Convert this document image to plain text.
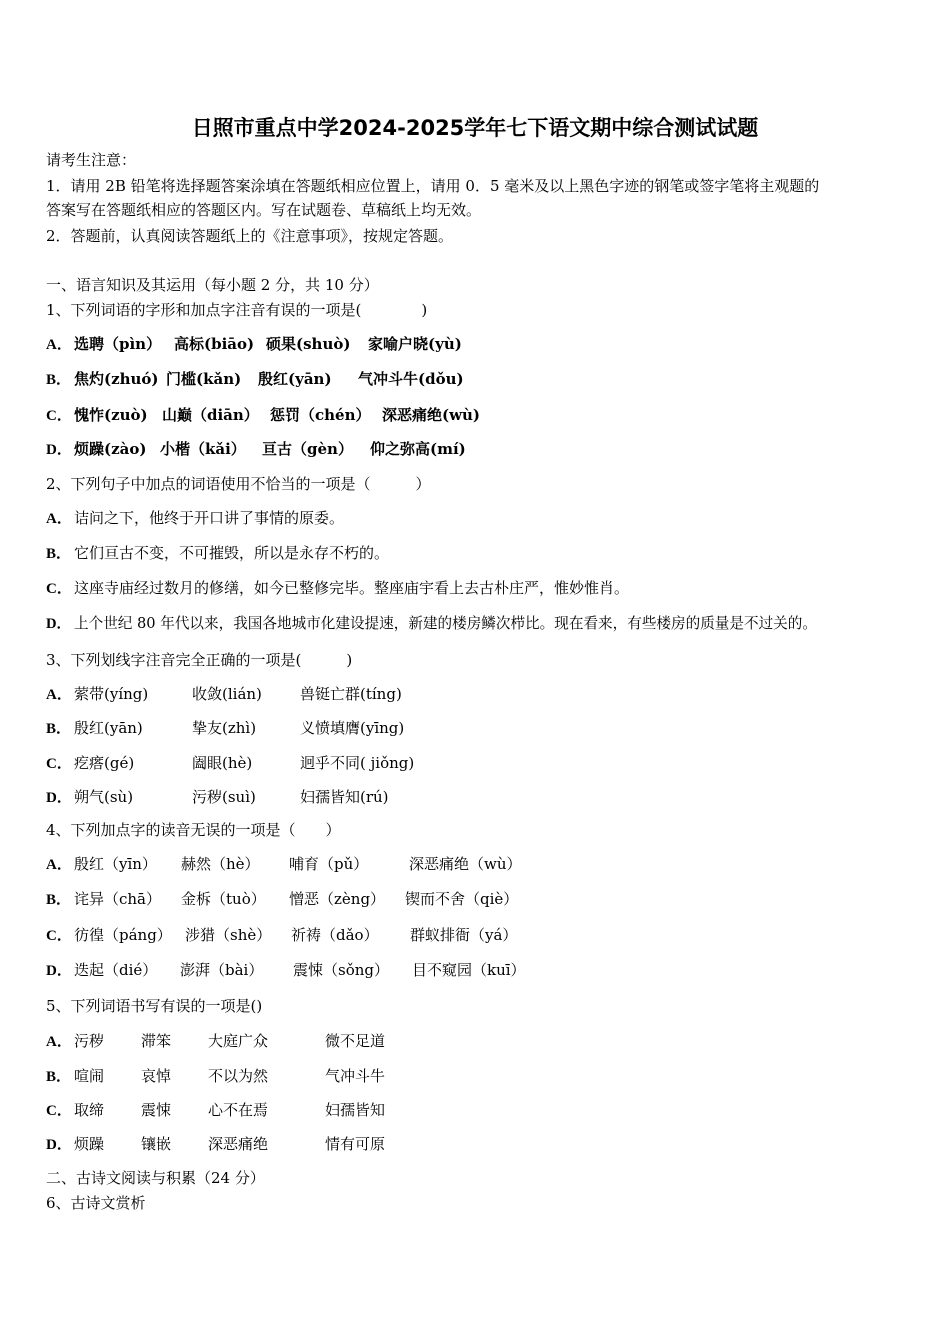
日照市重点中学2024-2025学年七下语文期中综合测试试题
请考生注意：
1．请用 2B 铅笔将选择题答案涂填在答题纸相应位置上，请用 0．5 毫米及以上黑色字迹的钢笔或签字笔将主观题的
答案写在答题纸相应的答题区内。写在试题卷、草稿纸上均无效。
2．答题前，认真阅读答题纸上的《注意事项》，按规定答题。
一、语言知识及其运用（每小题 2 分，共 10 分）
1、下列词语的字形和加点字注音有误的一项是(　　　　)
A． 选聘（pìn） 高标(biāo) 硕果(shuò) 家喻户晓(yù)
B． 焦灼(zhuó) 门槛(kǎn) 殷红(yān) 气冲斗牛(dǒu)
C． 愧怍(zuò) 山巅（diān） 惩罚（chén） 深恶痛绝(wù)
D． 烦躁(zào) 小楷（kǎi） 亘古（gèn） 仰之弥高(mí)
2、下列句子中加点的词语使用不恰当的一项是（　　　）
A． 诘问之下，他终于开口讲了事情的原委。
B． 它们亘古不变，不可摧毁，所以是永存不朽的。
C． 这座寺庙经过数月的修缮，如今已整修完毕。整座庙宇看上去古朴庄严，惟妙惟肖。
D． 上个世纪 80 年代以来，我国各地城市化建设提速，新建的楼房鳞次栉比。现在看来，有些楼房的质量是不过关的。
3、下列划线字注音完全正确的一项是(　　　)
A． 萦带(yíng)	收敛(lián)	兽铤亡群(tíng)
B． 殷红(yān)	挚友(zhì)	义愤填膺(yīng)
C． 疙瘩(gé)	阖眼(hè)	迥乎不同( jiǒng)
D． 朔气(sù)	污秽(suì)	妇孺皆知(rú)
4、下列加点字的读音无误的一项是（　　）
A． 殷红（yīn） 赫然（hè） 哺育（pǔ）	深恶痛绝（wù）
B． 诧异（chā） 金柝（tuò） 憎恶（zèng） 锲而不舍（qiè）
C． 彷徨（páng） 涉猎（shè） 祈祷（dǎo） 群蚁排衙（yá）
D． 迭起（dié） 澎湃（bài） 震悚（sǒng） 目不窥园（kuī）
5、下列词语书写有误的一项是()
A． 污秽 滞笨 大庭广众	微不足道
B． 喧闹 哀悼 不以为然	气冲斗牛
C． 取缔 震悚 心不在焉	妇孺皆知
D． 烦躁 镶嵌 深恶痛绝	情有可原
二、古诗文阅读与积累（24 分）
6、古诗文赏析
